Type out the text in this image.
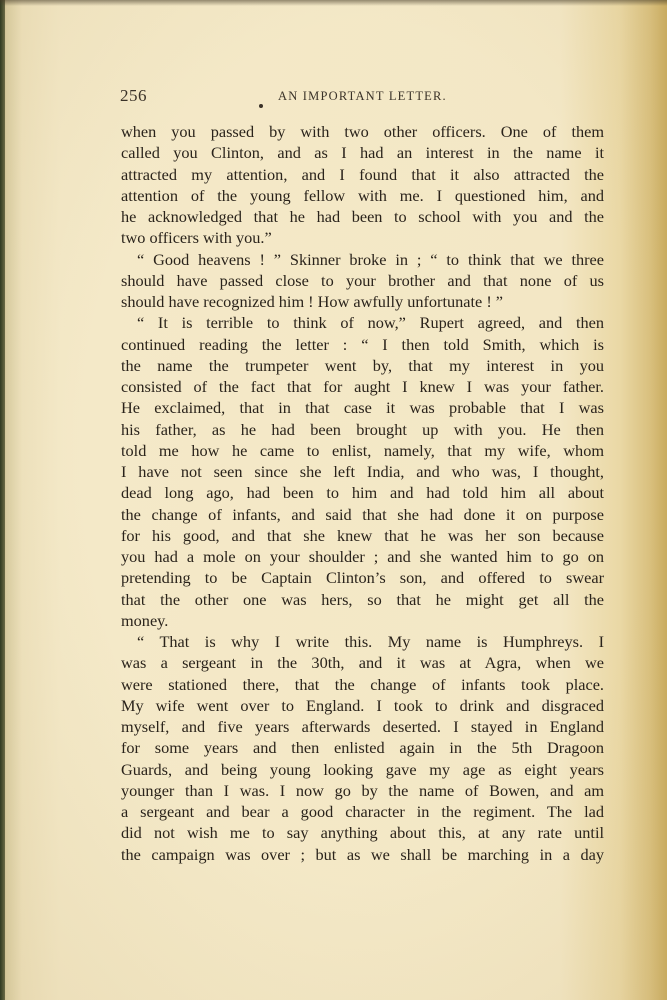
256	AN IMPORTANT LETTER.
when you passed by with two other officers. One of them
called you Clinton, and as I had an interest in the name it
attracted my attention, and I found that it also attracted the
attention of the young fellow with me. I questioned him, and
he acknowledged that he had been to school with you and the
two officers with you.”
“ Good heavens ! ” Skinner broke in ; “ to think that we three
should have passed close to your brother and that none of us
should have recognized him ! How awfully unfortunate ! ”
“ It is terrible to think of now,” Rupert agreed, and then
continued reading the letter : “ I then told Smith, which is
the name the trumpeter went by, that my interest in you
consisted of the fact that for aught I knew I was your father.
He exclaimed, that in that case it was probable that I was
his father, as he had been brought up with you. He then
told me how he came to enlist, namely, that my wife, whom
I have not seen since she left India, and who was, I thought,
dead long ago, had been to him and had told him all about
the change of infants, and said that she had done it on purpose
for his good, and that she knew that he was her son because
you had a mole on your shoulder ; and she wanted him to go on
pretending to be Captain Clinton’s son, and offered to swear
that the other one was hers, so that he might get all the
money.
“ That is why I write this. My name is Humphreys. I
was a sergeant in the 30th, and it was at Agra, when we
were stationed there, that the change of infants took place.
My wife went over to England. I took to drink and disgraced
myself, and five years afterwards deserted. I stayed in England
for some years and then enlisted again in the 5th Dragoon
Guards, and being young looking gave my age as eight years
younger than I was. I now go by the name of Bowen, and am
a sergeant and bear a good character in the regiment. The lad
did not wish me to say anything about this, at any rate until
the campaign was over ; but as we shall be marching in a day
